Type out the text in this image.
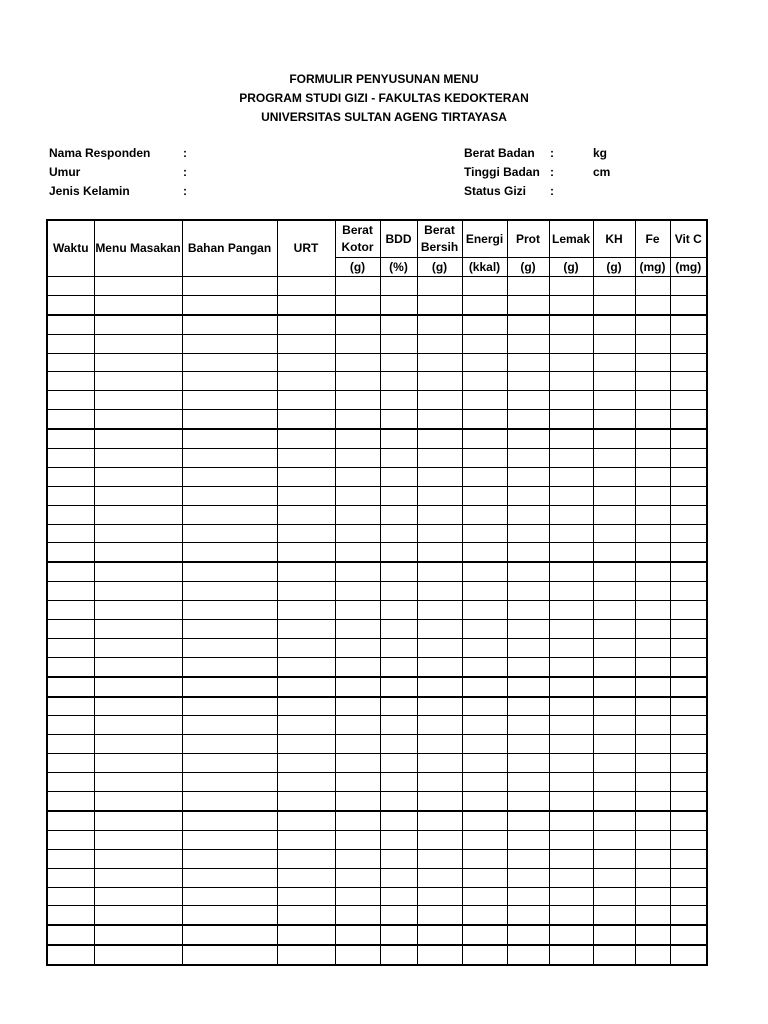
FORMULIR PENYUSUNAN MENU
PROGRAM STUDI GIZI - FAKULTAS KEDOKTERAN
UNIVERSITAS SULTAN AGENG TIRTAYASA
Nama Responden	:
Umur	:
Jenis Kelamin	:
Berat Badan :	kg
Tinggi Badan :	cm
Status Gizi :
Waktu	Menu Masakan	Bahan Pangan	URT	Berat Kotor	BDD	Berat Bersih	Energi	Prot	Lemak	KH	Fe	Vit C
				(g)	(%)	(g)	(kkal)	(g)	(g)	(g)	(mg)	(mg)
